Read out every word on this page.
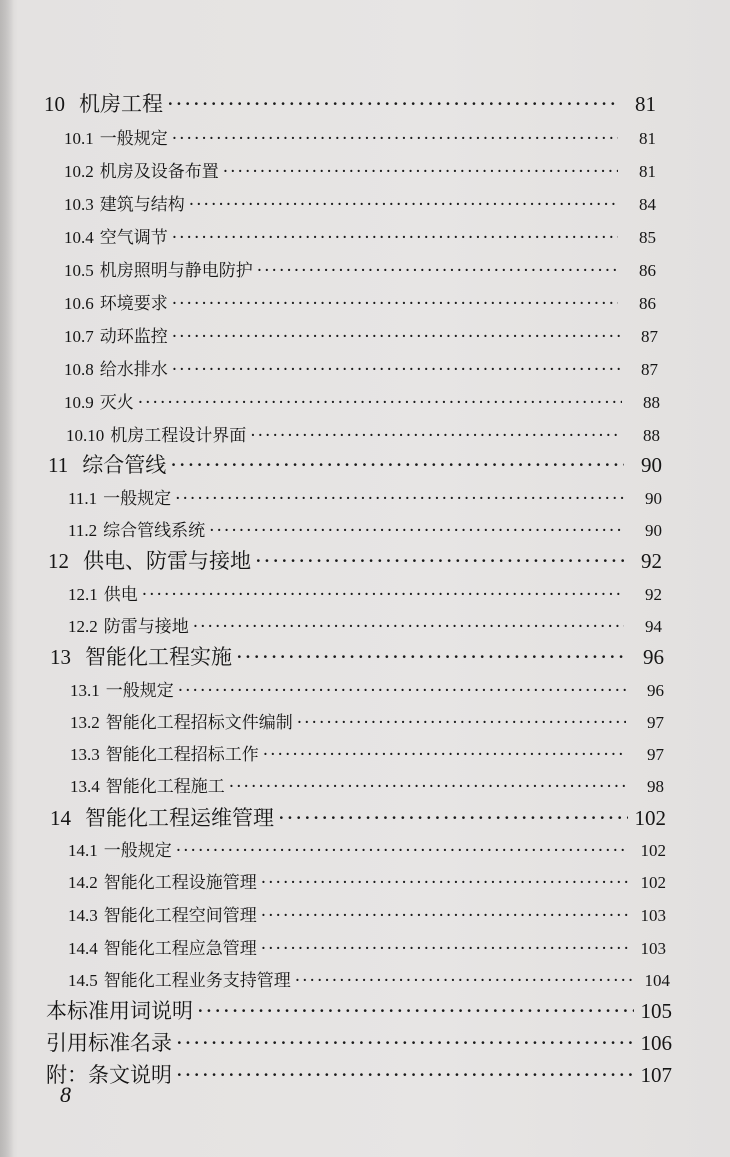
10 机房工程 ·····	81
10.1 一般规定 ·····	81
10.2 机房及设备布置 ·····	81
10.3 建筑与结构 ·····	84
10.4 空气调节 ·····	85
10.5 机房照明与静电防护 ·····	86
10.6 环境要求 ·····	86
10.7 动环监控 ·····	87
10.8 给水排水 ·····	87
10.9 灭火 ·····	88
10.10 机房工程设计界面 ·····	88
11 综合管线 ·····	90
11.1 一般规定 ·····	90
11.2 综合管线系统 ·····	90
12 供电、防雷与接地 ·····	92
12.1 供电 ·····	92
12.2 防雷与接地 ·····	94
13 智能化工程实施 ·····	96
13.1 一般规定 ·····	96
13.2 智能化工程招标文件编制 ·····	97
13.3 智能化工程招标工作 ·····	97
13.4 智能化工程施工 ·····	98
14 智能化工程运维管理 ·····	102
14.1 一般规定 ·····	102
14.2 智能化工程设施管理 ·····	102
14.3 智能化工程空间管理 ·····	103
14.4 智能化工程应急管理 ·····	103
14.5 智能化工程业务支持管理 ·····	104
本标准用词说明 ·····	105
引用标准名录 ·····	106
附：条文说明 ·····	107
8
